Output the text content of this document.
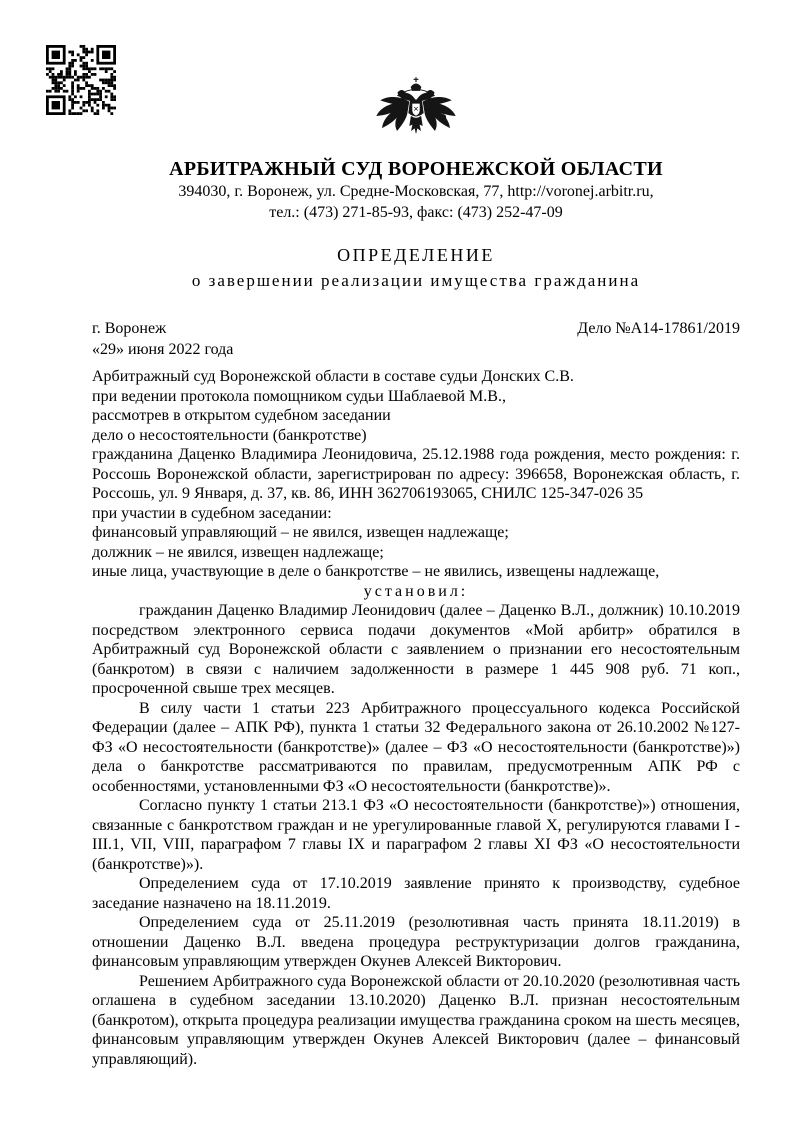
АРБИТРАЖНЫЙ СУД ВОРОНЕЖСКОЙ ОБЛАСТИ
394030, г. Воронеж, ул. Средне-Московская, 77, http://voronej.arbitr.ru,
тел.: (473) 271-85-93, факс: (473) 252-47-09
ОПРЕДЕЛЕНИЕ
о завершении реализации имущества гражданина
г. Воронеж	Дело №А14-17861/2019
«29» июня 2022 года
Арбитражный суд Воронежской области в составе судьи Донских С.В.
при ведении протокола помощником судьи Шаблаевой М.В.,
рассмотрев в открытом судебном заседании
дело о несостоятельности (банкротстве)
гражданина Даценко Владимира Леонидовича, 25.12.1988 года рождения, место рождения: г. Россошь Воронежской области, зарегистрирован по адресу: 396658, Воронежская область, г. Россошь, ул. 9 Января, д. 37, кв. 86, ИНН 362706193065, СНИЛС 125-347-026 35
при участии в судебном заседании:
финансовый управляющий – не явился, извещен надлежаще;
должник – не явился, извещен надлежаще;
иные лица, участвующие в деле о банкротстве – не явились, извещены надлежаще,
установил:

гражданин Даценко Владимир Леонидович (далее – Даценко В.Л., должник) 10.10.2019 посредством электронного сервиса подачи документов «Мой арбитр» обратился в Арбитражный суд Воронежской области с заявлением о признании его несостоятельным (банкротом) в связи с наличием задолженности в размере 1 445 908 руб. 71 коп., просроченной свыше трех месяцев.

В силу части 1 статьи 223 Арбитражного процессуального кодекса Российской Федерации (далее – АПК РФ), пункта 1 статьи 32 Федерального закона от 26.10.2002 №127-ФЗ «О несостоятельности (банкротстве)» (далее – ФЗ «О несостоятельности (банкротстве)») дела о банкротстве рассматриваются по правилам, предусмотренным АПК РФ с особенностями, установленными ФЗ «О несостоятельности (банкротстве)».

Согласно пункту 1 статьи 213.1 ФЗ «О несостоятельности (банкротстве)») отношения, связанные с банкротством граждан и не урегулированные главой X, регулируются главами I - III.1, VII, VIII, параграфом 7 главы IX и параграфом 2 главы XI ФЗ «О несостоятельности (банкротстве)»).

Определением суда от 17.10.2019 заявление принято к производству, судебное заседание назначено на 18.11.2019.

Определением суда от 25.11.2019 (резолютивная часть принята 18.11.2019) в отношении Даценко В.Л. введена процедура реструктуризации долгов гражданина, финансовым управляющим утвержден Окунев Алексей Викторович.

Решением Арбитражного суда Воронежской области от 20.10.2020 (резолютивная часть оглашена в судебном заседании 13.10.2020) Даценко В.Л. признан несостоятельным (банкротом), открыта процедура реализации имущества гражданина сроком на шесть месяцев, финансовым управляющим утвержден Окунев Алексей Викторович (далее – финансовый управляющий).
